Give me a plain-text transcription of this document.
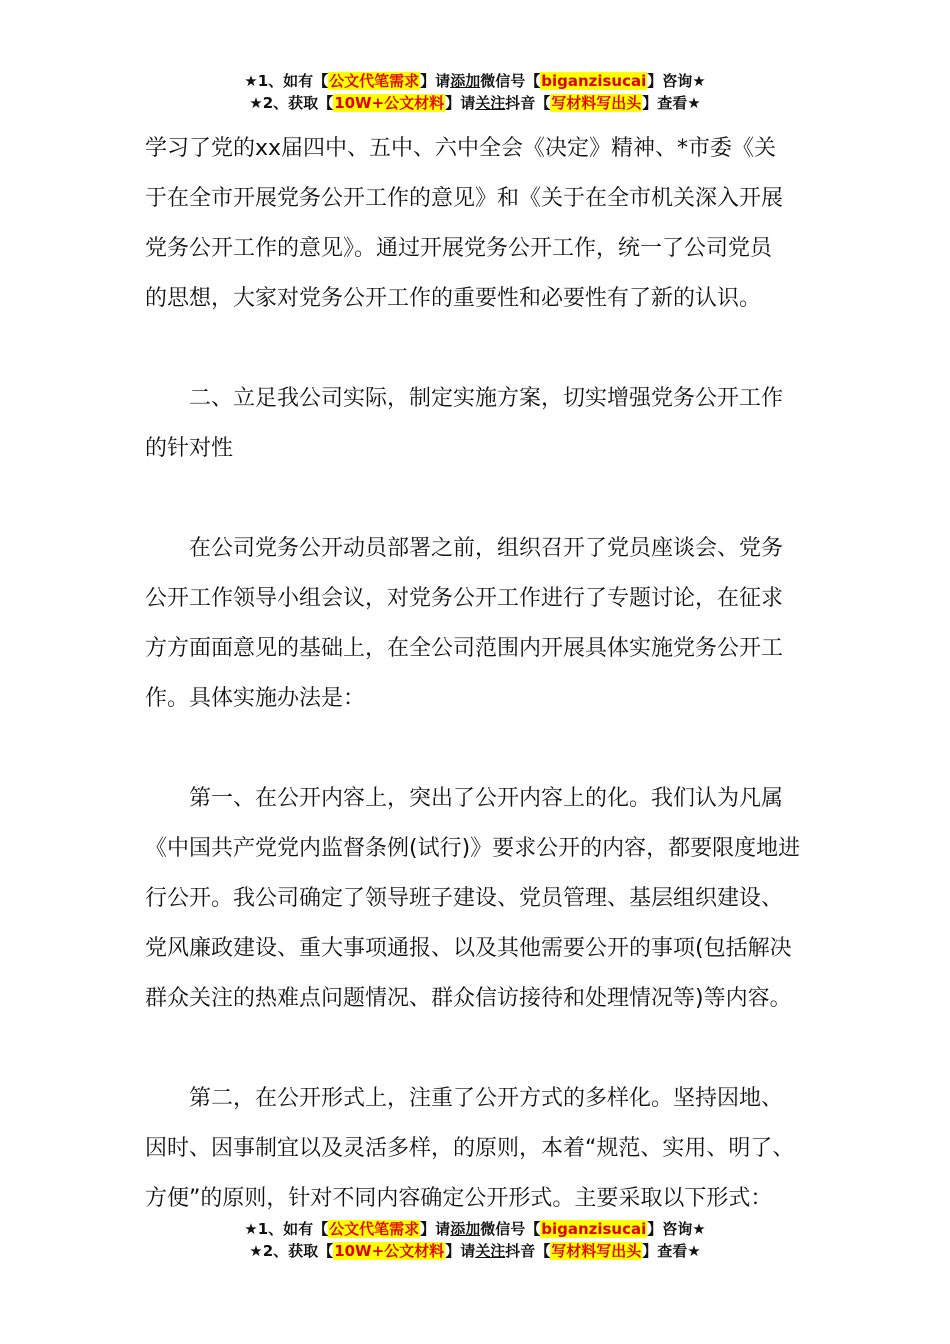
★1、如有【公文代笔需求】请添加微信号【biganzisucai】咨询★
★2、获取【10W+公文材料】请关注抖音【写材料写出头】查看★

学习了党的xx届四中、五中、六中全会《决定》精神、*市委《关
于在全市开展党务公开工作的意见》和《关于在全市机关深入开展
党务公开工作的意见》。通过开展党务公开工作，统一了公司党员
的思想，大家对党务公开工作的重要性和必要性有了新的认识。

二、立足我公司实际，制定实施方案，切实增强党务公开工作
的针对性

在公司党务公开动员部署之前，组织召开了党员座谈会、党务
公开工作领导小组会议，对党务公开工作进行了专题讨论，在征求
方方面面意见的基础上，在全公司范围内开展具体实施党务公开工
作。具体实施办法是：

第一、在公开内容上，突出了公开内容上的化。我们认为凡属
《中国共产党党内监督条例(试行)》要求公开的内容，都要限度地进
行公开。我公司确定了领导班子建设、党员管理、基层组织建设、
党风廉政建设、重大事项通报、以及其他需要公开的事项(包括解决
群众关注的热难点问题情况、群众信访接待和处理情况等)等内容。

第二，在公开形式上，注重了公开方式的多样化。坚持因地、
因时、因事制宜以及灵活多样，的原则，本着“规范、实用、明了、
方便”的原则，针对不同内容确定公开形式。主要采取以下形式：

★1、如有【公文代笔需求】请添加微信号【biganzisucai】咨询★
★2、获取【10W+公文材料】请关注抖音【写材料写出头】查看★
